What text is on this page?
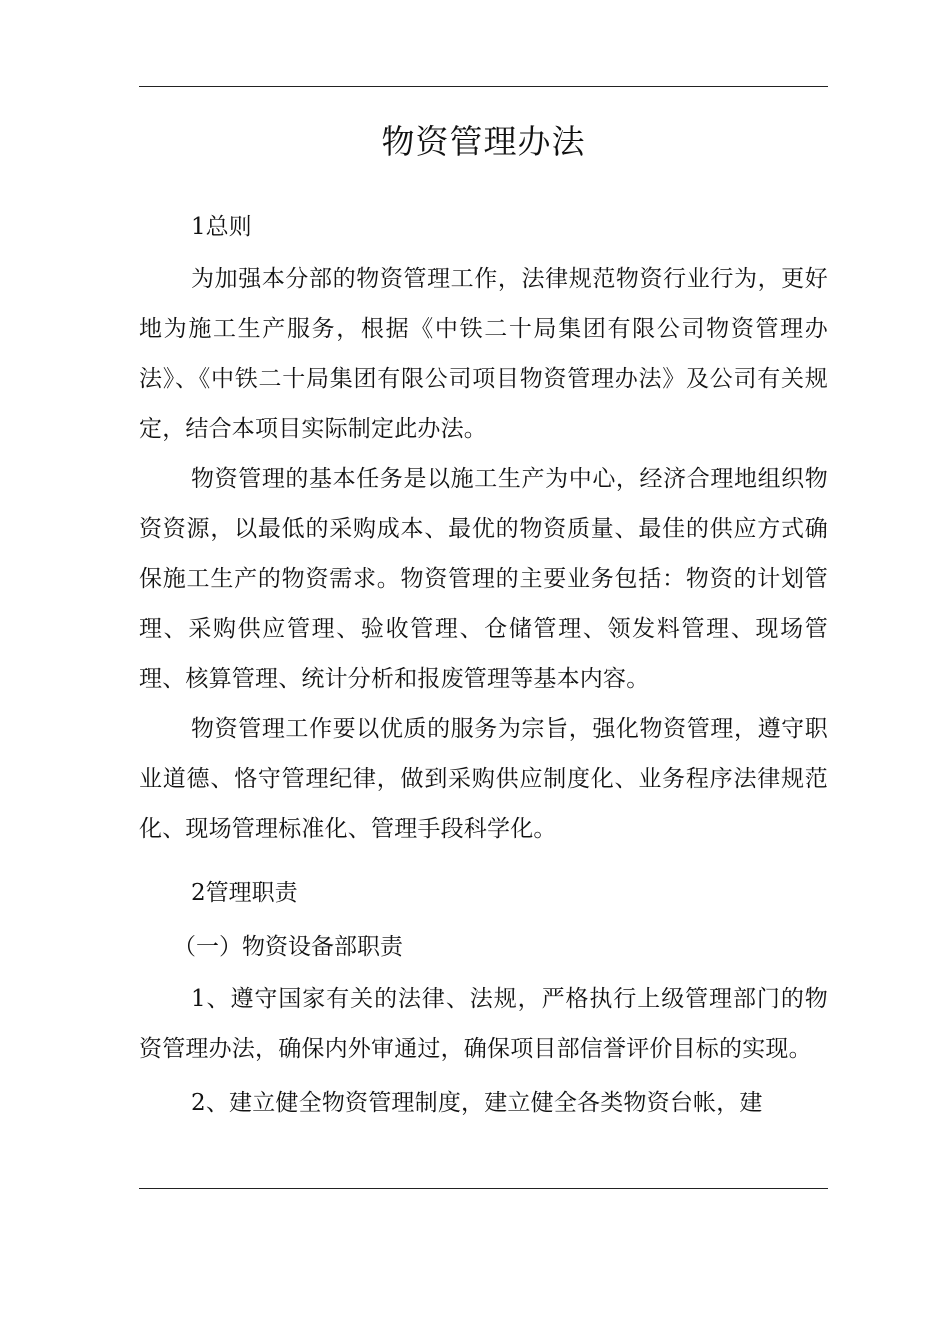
物资管理办法

1总则

为加强本分部的物资管理工作，法律规范物资行业行为，更好地为施工生产服务，根据《中铁二十局集团有限公司物资管理办法》、《中铁二十局集团有限公司项目物资管理办法》及公司有关规定，结合本项目实际制定此办法。

物资管理的基本任务是以施工生产为中心，经济合理地组织物资资源，以最低的采购成本、最优的物资质量、最佳的供应方式确保施工生产的物资需求。物资管理的主要业务包括：物资的计划管理、采购供应管理、验收管理、仓储管理、领发料管理、现场管理、核算管理、统计分析和报废管理等基本内容。

物资管理工作要以优质的服务为宗旨，强化物资管理，遵守职业道德、恪守管理纪律，做到采购供应制度化、业务程序法律规范化、现场管理标准化、管理手段科学化。

2管理职责

（一）物资设备部职责

1、遵守国家有关的法律、法规，严格执行上级管理部门的物资管理办法，确保内外审通过，确保项目部信誉评价目标的实现。

2、建立健全物资管理制度，建立健全各类物资台帐，建
